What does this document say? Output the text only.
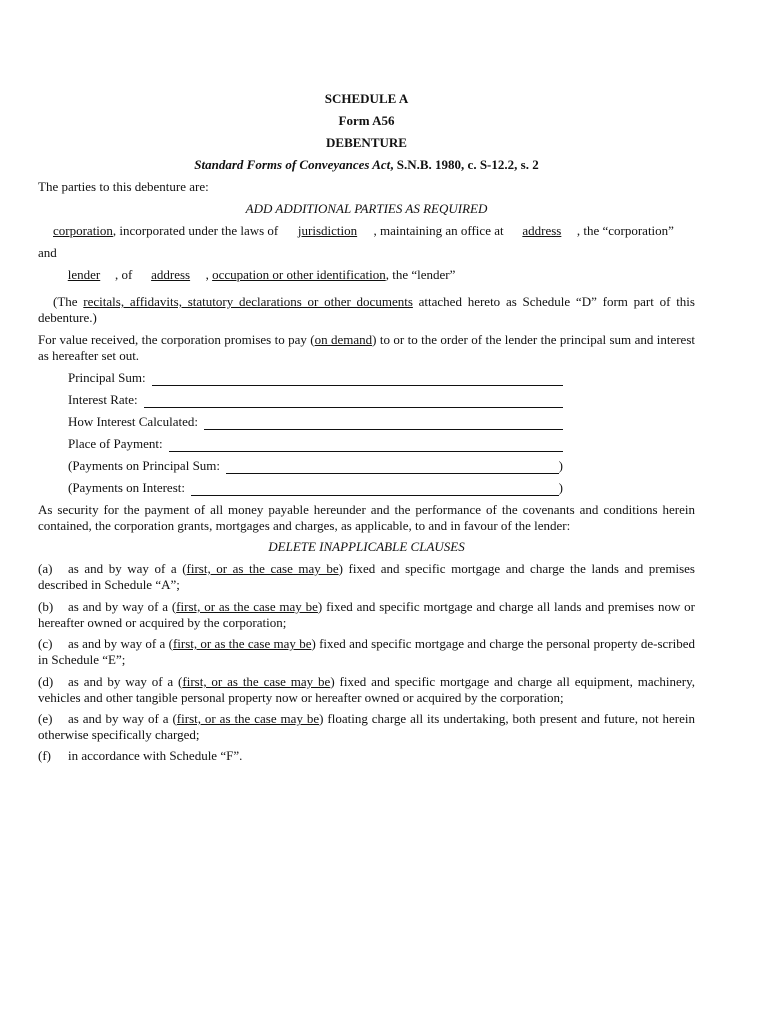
SCHEDULE A
Form A56
DEBENTURE
Standard Forms of Conveyances Act, S.N.B. 1980, c. S-12.2, s. 2
The parties to this debenture are:
ADD ADDITIONAL PARTIES AS REQUIRED
corporation, incorporated under the laws of jurisdiction , maintaining an office at address , the “corporation”
and
lender , of address , occupation or other identification, the “lender”
(The recitals, affidavits, statutory declarations or other documents attached hereto as Schedule “D” form part of this debenture.)
For value received, the corporation promises to pay (on demand) to or to the order of the lender the principal sum and interest as hereafter set out.
Principal Sum:
Interest Rate:
How Interest Calculated:
Place of Payment:
(Payments on Principal Sum:	)
(Payments on Interest:	)
As security for the payment of all money payable hereunder and the performance of the covenants and conditions herein contained, the corporation grants, mortgages and charges, as applicable, to and in favour of the lender:
DELETE INAPPLICABLE CLAUSES
(a) as and by way of a (first, or as the case may be) fixed and specific mortgage and charge the lands and premises described in Schedule “A”;
(b) as and by way of a (first, or as the case may be) fixed and specific mortgage and charge all lands and premises now or hereafter owned or acquired by the corporation;
(c) as and by way of a (first, or as the case may be) fixed and specific mortgage and charge the personal property de-scribed in Schedule “E”;
(d) as and by way of a (first, or as the case may be) fixed and specific mortgage and charge all equipment, machinery, vehicles and other tangible personal property now or hereafter owned or acquired by the corporation;
(e) as and by way of a (first, or as the case may be) floating charge all its undertaking, both present and future, not herein otherwise specifically charged;
(f) in accordance with Schedule “F”.
